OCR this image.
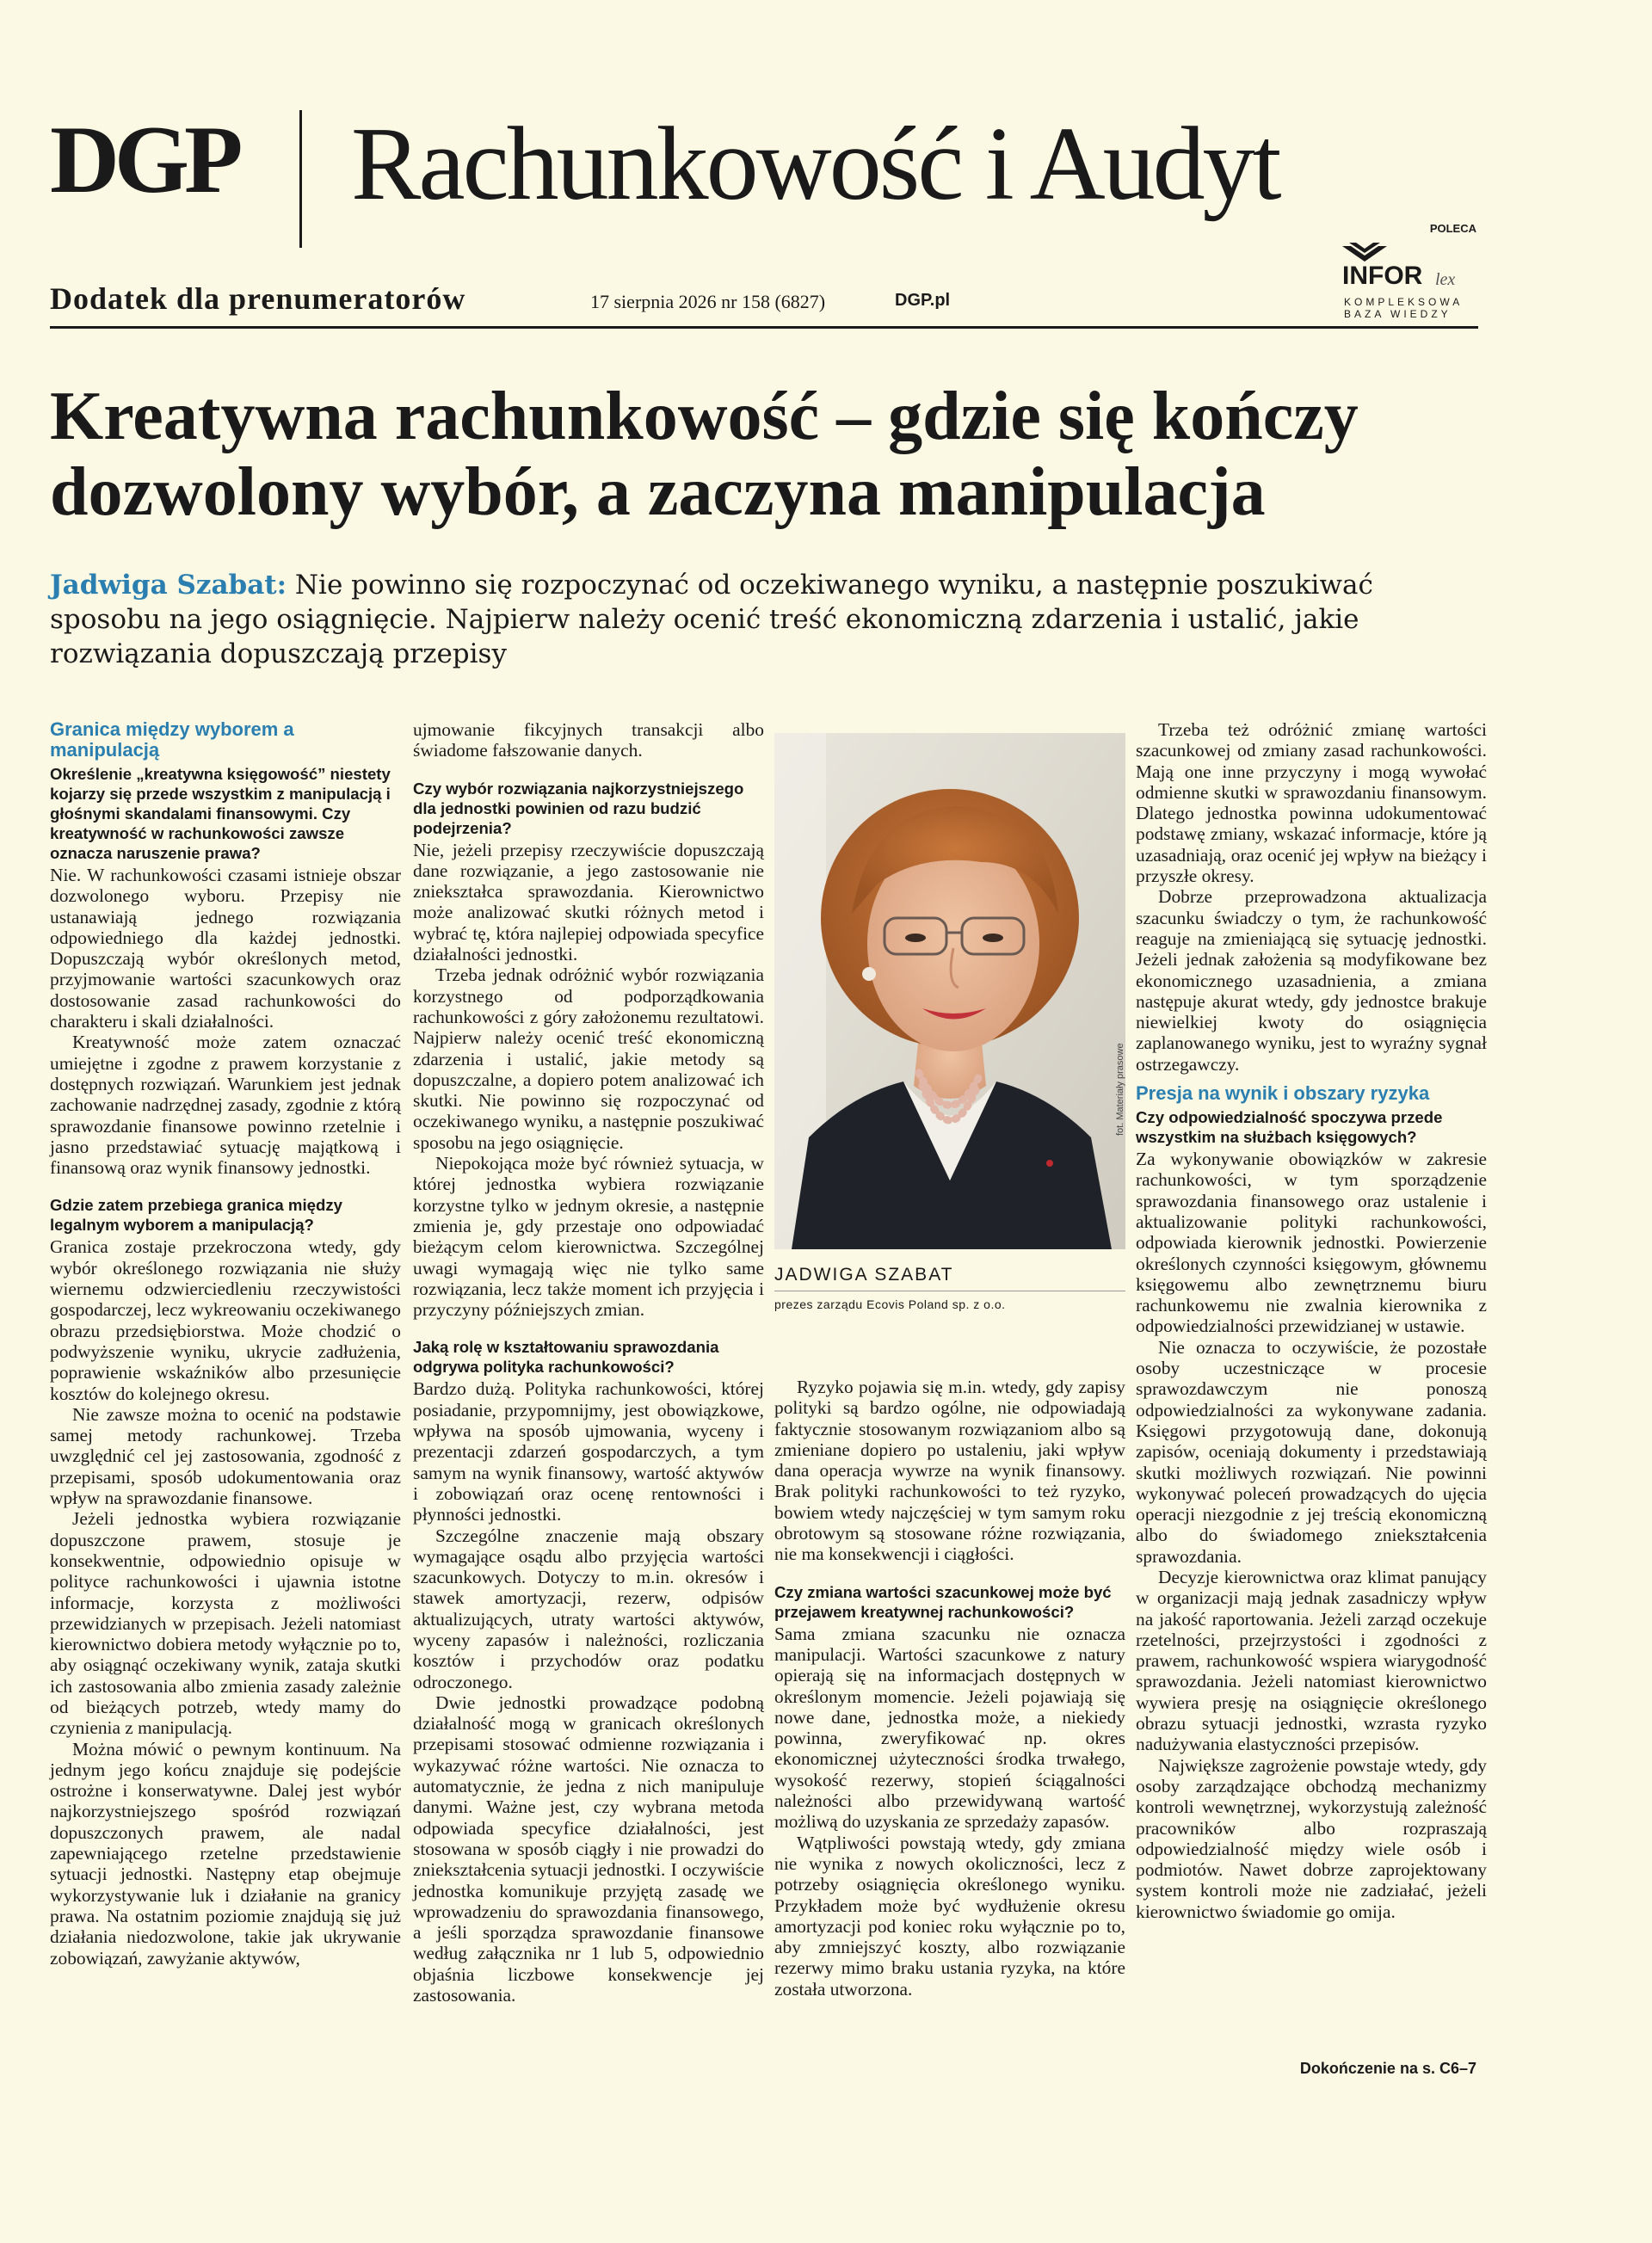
DGP Rachunkowość i Audyt
POLECA
INFOR lex
KOMPLEKSOWA
BAZA WIEDZY
Dodatek dla prenumeratorów	17 sierpnia 2026 nr 158 (6827)	DGP.pl
Kreatywna rachunkowość – gdzie się kończy dozwolony wybór, a zaczyna manipulacja
Jadwiga Szabat: Nie powinno się rozpoczynać od oczekiwanego wyniku, a następnie poszukiwać sposobu na jego osiągnięcie. Najpierw należy ocenić treść ekonomiczną zdarzenia i ustalić, jakie rozwiązania dopuszczają przepisy
Granica między wyborem a manipulacją
Określenie „kreatywna księgowość” niestety kojarzy się przede wszystkim z manipulacją i głośnymi skandalami finansowymi. Czy kreatywność w rachunkowości zawsze oznacza naruszenie prawa?

Nie. W rachunkowości czasami istnieje obszar dozwolonego wyboru. Przepisy nie ustanawiają jednego rozwiązania odpowiedniego dla każdej jednostki. Dopuszczają wybór określonych metod, przyjmowanie wartości szacunkowych oraz dostosowanie zasad rachunkowości do charakteru i skali działalności.

Kreatywność może zatem oznaczać umiejętne i zgodne z prawem korzystanie z dostępnych rozwiązań. Warunkiem jest jednak zachowanie nadrzędnej zasady, zgodnie z którą sprawozdanie finansowe powinno rzetelnie i jasno przedstawiać sytuację majątkową i finansową oraz wynik finansowy jednostki.

Gdzie zatem przebiega granica między legalnym wyborem a manipulacją?

Granica zostaje przekroczona wtedy, gdy wybór określonego rozwiązania nie służy wiernemu odzwierciedleniu rzeczywistości gospodarczej, lecz wykreowaniu oczekiwanego obrazu przedsiębiorstwa. Może chodzić o podwyższenie wyniku, ukrycie zadłużenia, poprawienie wskaźników albo przesunięcie kosztów do kolejnego okresu.

Nie zawsze można to ocenić na podstawie samej metody rachunkowej. Trzeba uwzględnić cel jej zastosowania, zgodność z przepisami, sposób udokumentowania oraz wpływ na sprawozdanie finansowe.

Jeżeli jednostka wybiera rozwiązanie dopuszczone prawem, stosuje je konsekwentnie, odpowiednio opisuje w polityce rachunkowości i ujawnia istotne informacje, korzysta z możliwości przewidzianych w przepisach. Jeżeli natomiast kierownictwo dobiera metody wyłącznie po to, aby osiągnąć oczekiwany wynik, zataja skutki ich zastosowania albo zmienia zasady zależnie od bieżących potrzeb, wtedy mamy do czynienia z manipulacją.

Można mówić o pewnym kontinuum. Na jednym jego końcu znajduje się podejście ostrożne i konserwatywne. Dalej jest wybór najkorzystniejszego spośród rozwiązań dopuszczonych prawem, ale nadal zapewniającego rzetelne przedstawienie sytuacji jednostki. Następny etap obejmuje wykorzystywanie luk i działanie na granicy prawa. Na ostatnim poziomie znajdują się już działania niedozwolone, takie jak ukrywanie zobowiązań, zawyżanie aktywów,

ujmowanie fikcyjnych transakcji albo świadome fałszowanie danych.

Czy wybór rozwiązania najkorzystniejszego dla jednostki powinien od razu budzić podejrzenia?

Nie, jeżeli przepisy rzeczywiście dopuszczają dane rozwiązanie, a jego zastosowanie nie zniekształca sprawozdania. Kierownictwo może analizować skutki różnych metod i wybrać tę, która najlepiej odpowiada specyfice działalności jednostki.

Trzeba jednak odróżnić wybór rozwiązania korzystnego od podporządkowania rachunkowości z góry założonemu rezultatowi. Najpierw należy ocenić treść ekonomiczną zdarzenia i ustalić, jakie metody są dopuszczalne, a dopiero potem analizować ich skutki. Nie powinno się rozpoczynać od oczekiwanego wyniku, a następnie poszukiwać sposobu na jego osiągnięcie.

Niepokojąca może być również sytuacja, w której jednostka wybiera rozwiązanie korzystne tylko w jednym okresie, a następnie zmienia je, gdy przestaje ono odpowiadać bieżącym celom kierownictwa. Szczególnej uwagi wymagają więc nie tylko same rozwiązania, lecz także moment ich przyjęcia i przyczyny późniejszych zmian.

Jaką rolę w kształtowaniu sprawozdania odgrywa polityka rachunkowości?

Bardzo dużą. Polityka rachunkowości, której posiadanie, przypomnijmy, jest obowiązkowe, wpływa na sposób ujmowania, wyceny i prezentacji zdarzeń gospodarczych, a tym samym na wynik finansowy, wartość aktywów i zobowiązań oraz ocenę rentowności i płynności jednostki.

Szczególne znaczenie mają obszary wymagające osądu albo przyjęcia wartości szacunkowych. Dotyczy to m.in. okresów i stawek amortyzacji, rezerw, odpisów aktualizujących, utraty wartości aktywów, wyceny zapasów i należności, rozliczania kosztów i przychodów oraz podatku odroczonego.

Dwie jednostki prowadzące podobną działalność mogą w granicach określonych przepisami stosować odmienne rozwiązania i wykazywać różne wartości. Nie oznacza to automatycznie, że jedna z nich manipuluje danymi. Ważne jest, czy wybrana metoda odpowiada specyfice działalności, jest stosowana w sposób ciągły i nie prowadzi do zniekształcenia sytuacji jednostki. I oczywiście jednostka komunikuje przyjętą zasadę we wprowadzeniu do sprawozdania finansowego, a jeśli sporządza sprawozdanie finansowe według załącznika nr 1 lub 5, odpowiednio objaśnia liczbowe konsekwencje jej zastosowania.

fot. Materiały prasowe
JADWIGA SZABAT
prezes zarządu Ecovis Poland sp. z o.o.

Ryzyko pojawia się m.in. wtedy, gdy zapisy polityki są bardzo ogólne, nie odpowiadają faktycznie stosowanym rozwiązaniom albo są zmieniane dopiero po ustaleniu, jaki wpływ dana operacja wywrze na wynik finansowy. Brak polityki rachunkowości to też ryzyko, bowiem wtedy najczęściej w tym samym roku obrotowym są stosowane różne rozwiązania, nie ma konsekwencji i ciągłości.

Czy zmiana wartości szacunkowej może być przejawem kreatywnej rachunkowości?

Sama zmiana szacunku nie oznacza manipulacji. Wartości szacunkowe z natury opierają się na informacjach dostępnych w określonym momencie. Jeżeli pojawiają się nowe dane, jednostka może, a niekiedy powinna, zweryfikować np. okres ekonomicznej użyteczności środka trwałego, wysokość rezerwy, stopień ściągalności należności albo przewidywaną wartość możliwą do uzyskania ze sprzedaży zapasów.

Wątpliwości powstają wtedy, gdy zmiana nie wynika z nowych okoliczności, lecz z potrzeby osiągnięcia określonego wyniku. Przykładem może być wydłużenie okresu amortyzacji pod koniec roku wyłącznie po to, aby zmniejszyć koszty, albo rozwiązanie rezerwy mimo braku ustania ryzyka, na które została utworzona.

Trzeba też odróżnić zmianę wartości szacunkowej od zmiany zasad rachunkowości. Mają one inne przyczyny i mogą wywołać odmienne skutki w sprawozdaniu finansowym. Dlatego jednostka powinna udokumentować podstawę zmiany, wskazać informacje, które ją uzasadniają, oraz ocenić jej wpływ na bieżący i przyszłe okresy.

Dobrze przeprowadzona aktualizacja szacunku świadczy o tym, że rachunkowość reaguje na zmieniającą się sytuację jednostki. Jeżeli jednak założenia są modyfikowane bez ekonomicznego uzasadnienia, a zmiana następuje akurat wtedy, gdy jednostce brakuje niewielkiej kwoty do osiągnięcia zaplanowanego wyniku, jest to wyraźny sygnał ostrzegawczy.

Presja na wynik i obszary ryzyka
Czy odpowiedzialność spoczywa przede wszystkim na służbach księgowych?

Za wykonywanie obowiązków w zakresie rachunkowości, w tym sporządzenie sprawozdania finansowego oraz ustalenie i aktualizowanie polityki rachunkowości, odpowiada kierownik jednostki. Powierzenie określonych czynności księgowym, głównemu księgowemu albo zewnętrznemu biuru rachunkowemu nie zwalnia kierownika z odpowiedzialności przewidzianej w ustawie.

Nie oznacza to oczywiście, że pozostałe osoby uczestniczące w procesie sprawozdawczym nie ponoszą odpowiedzialności za wykonywane zadania. Księgowi przygotowują dane, dokonują zapisów, oceniają dokumenty i przedstawiają skutki możliwych rozwiązań. Nie powinni wykonywać poleceń prowadzących do ujęcia operacji niezgodnie z jej treścią ekonomiczną albo do świadomego zniekształcenia sprawozdania.

Decyzje kierownictwa oraz klimat panujący w organizacji mają jednak zasadniczy wpływ na jakość raportowania. Jeżeli zarząd oczekuje rzetelności, przejrzystości i zgodności z prawem, rachunkowość wspiera wiarygodność sprawozdania. Jeżeli natomiast kierownictwo wywiera presję na osiągnięcie określonego obrazu sytuacji jednostki, wzrasta ryzyko nadużywania elastyczności przepisów.

Największe zagrożenie powstaje wtedy, gdy osoby zarządzające obchodzą mechanizmy kontroli wewnętrznej, wykorzystują zależność pracowników albo rozpraszają odpowiedzialność między wiele osób i podmiotów. Nawet dobrze zaprojektowany system kontroli może nie zadziałać, jeżeli kierownictwo świadomie go omija.

Dokończenie na s. C6–7
